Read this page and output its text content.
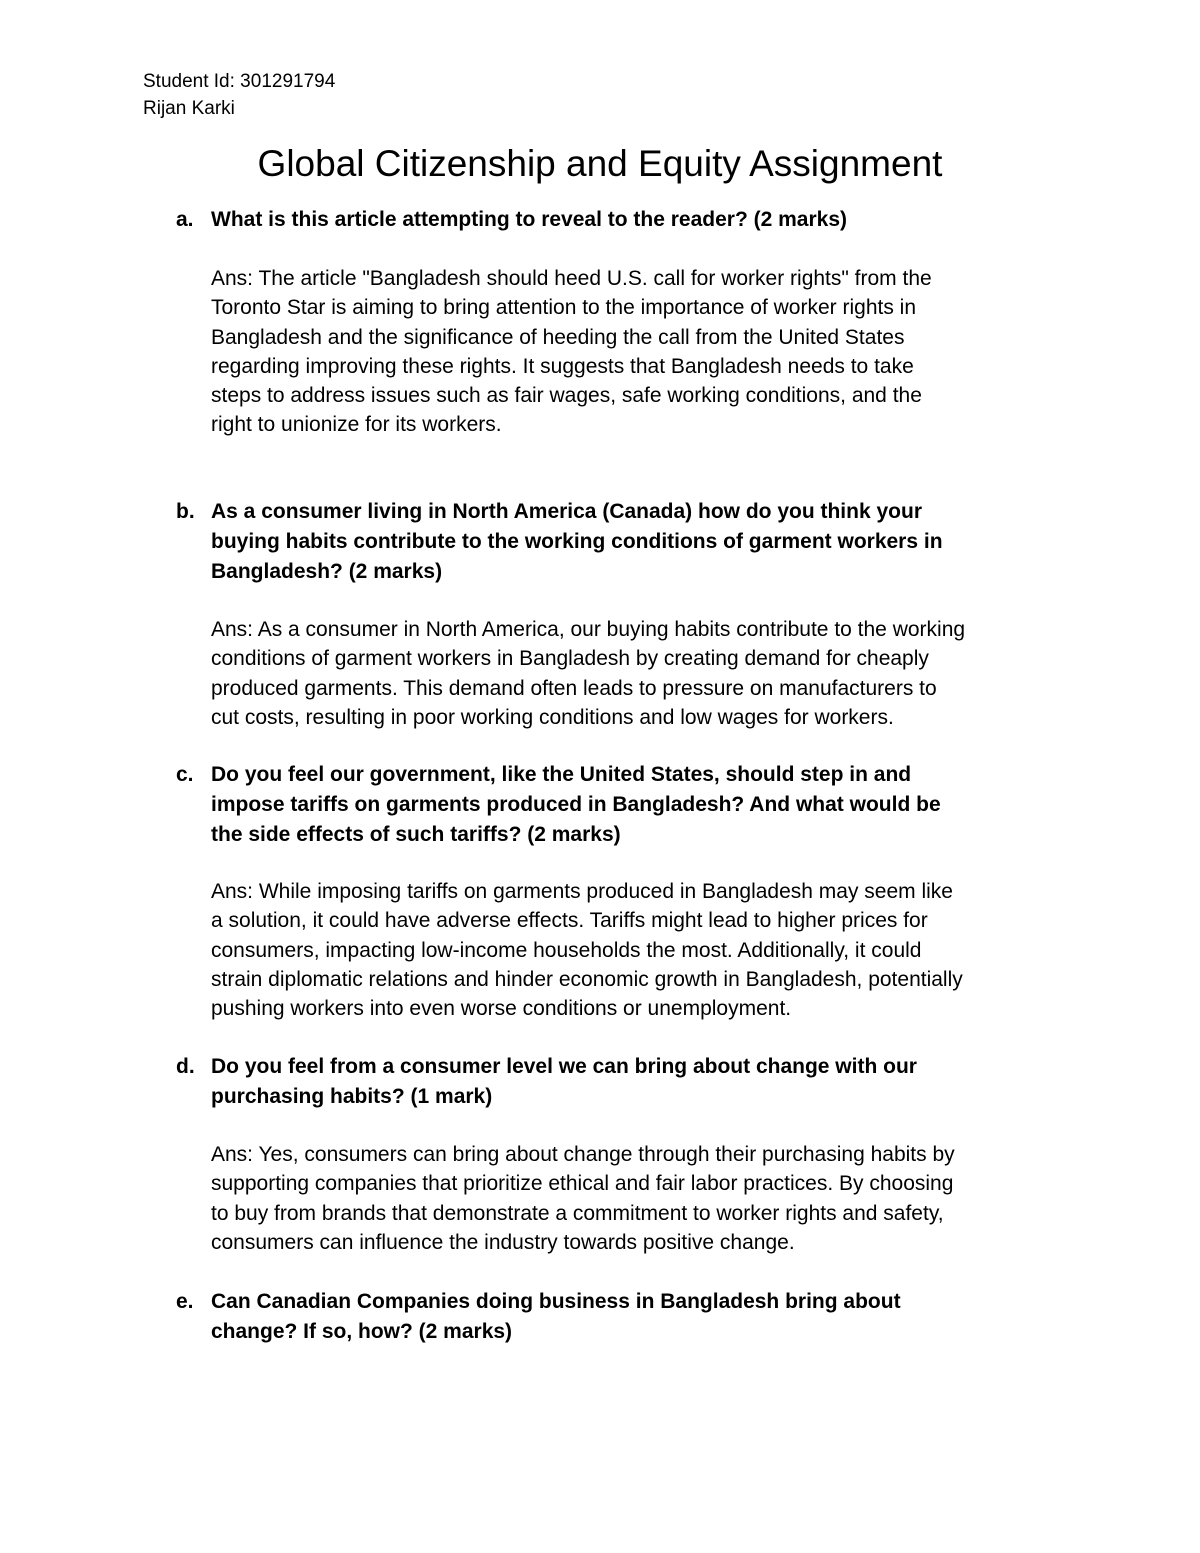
Student Id: 301291794
Rijan Karki
Global Citizenship and Equity Assignment
a. What is this article attempting to reveal to the reader? (2 marks)
Ans: The article "Bangladesh should heed U.S. call for worker rights" from the
Toronto Star is aiming to bring attention to the importance of worker rights in
Bangladesh and the significance of heeding the call from the United States
regarding improving these rights. It suggests that Bangladesh needs to take
steps to address issues such as fair wages, safe working conditions, and the
right to unionize for its workers.
b. As a consumer living in North America (Canada) how do you think your
buying habits contribute to the working conditions of garment workers in
Bangladesh? (2 marks)
Ans: As a consumer in North America, our buying habits contribute to the working
conditions of garment workers in Bangladesh by creating demand for cheaply
produced garments. This demand often leads to pressure on manufacturers to
cut costs, resulting in poor working conditions and low wages for workers.
c. Do you feel our government, like the United States, should step in and
impose tariffs on garments produced in Bangladesh? And what would be
the side effects of such tariffs? (2 marks)
Ans: While imposing tariffs on garments produced in Bangladesh may seem like
a solution, it could have adverse effects. Tariffs might lead to higher prices for
consumers, impacting low-income households the most. Additionally, it could
strain diplomatic relations and hinder economic growth in Bangladesh, potentially
pushing workers into even worse conditions or unemployment.
d. Do you feel from a consumer level we can bring about change with our
purchasing habits? (1 mark)
Ans: Yes, consumers can bring about change through their purchasing habits by
supporting companies that prioritize ethical and fair labor practices. By choosing
to buy from brands that demonstrate a commitment to worker rights and safety,
consumers can influence the industry towards positive change.
e. Can Canadian Companies doing business in Bangladesh bring about
change? If so, how? (2 marks)
